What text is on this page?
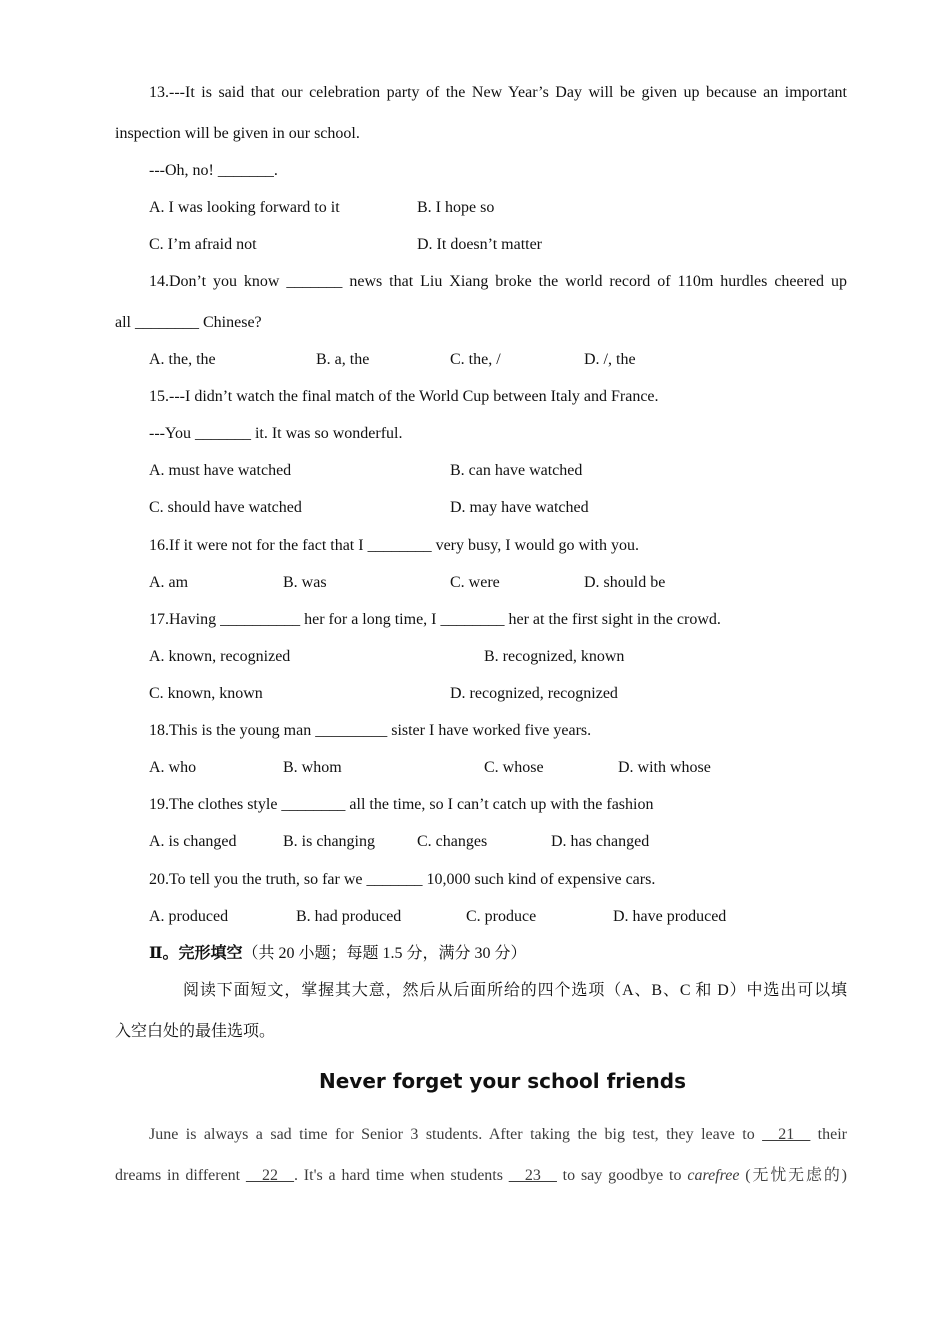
13.---It is said that our celebration party of the New Year’s Day will be given up because an important
inspection will be given in our school.
---Oh, no! _______.
A. I was looking forward to it	B. I hope so
C. I’m afraid not	D. It doesn’t matter
14.Don’t you know _______ news that Liu Xiang broke the world record of 110m hurdles cheered up
all ________ Chinese?
A. the, the	B. a, the	C. the, /	D. /, the
15.---I didn’t watch the final match of the World Cup between Italy and France.
---You _______ it. It was so wonderful.
A. must have watched	B. can have watched
C. should have watched	D. may have watched
16.If it were not for the fact that I ________ very busy, I would go with you.
A. am	B. was	C. were	D. should be
17.Having __________ her for a long time, I ________ her at the first sight in the crowd.
A. known, recognized	B. recognized, known
C. known, known	D. recognized, recognized
18.This is the young man _________ sister I have worked five years.
A. who	B. whom	C. whose	D. with whose
19.The clothes style ________ all the time, so I can’t catch up with the fashion
A. is changed	B. is changing	C. changes	D. has changed
20.To tell you the truth, so far we _______ 10,000 such kind of expensive cars.
A. produced	B. had produced	C. produce	D. have produced
Ⅱ。完形填空（共 20 小题；每题 1.5 分，满分 30 分）
阅读下面短文，掌握其大意，然后从后面所给的四个选项（A、B、C 和 D）中选出可以填
入空白处的最佳选项。
Never forget your school friends
June is always a sad time for Senior 3 students. After taking the big test, they leave to __21__ their
dreams in different __22__. It's a hard time when students __23__ to say goodbye to carefree (无忧无虑的)
